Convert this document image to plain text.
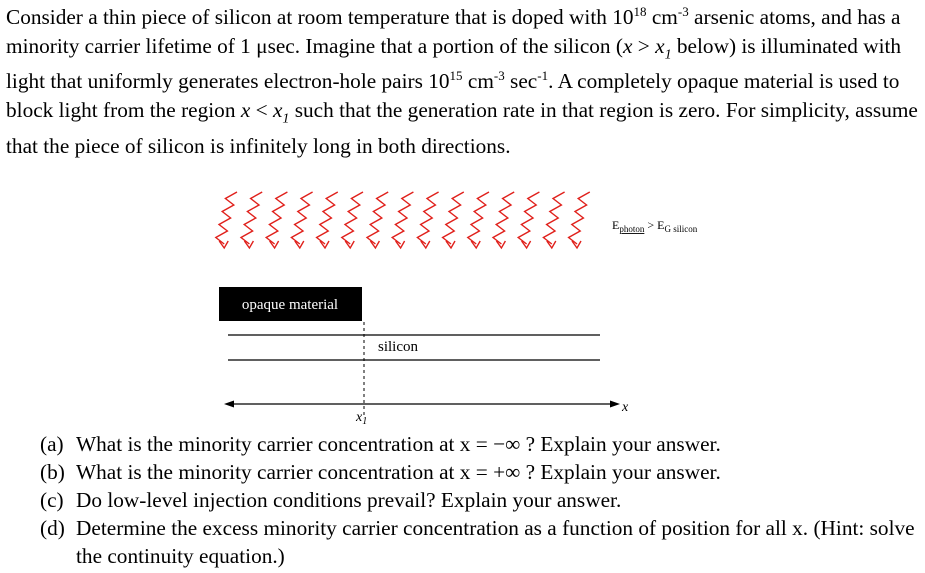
Consider a thin piece of silicon at room temperature that is doped with $10^{18}$ $cm^{-3}$ arsenic atoms, and has a minority carrier lifetime of 1 μsec. Imagine that a portion of the silicon ($x > x_1$ below) is illuminated with light that uniformly generates electron-hole pairs $10^{15}$ $cm^{-3}$ $\sec^{-1}$. A completely opaque material is used to block light from the region $x < x_1$ such that the generation rate in that region is zero. For simplicity, assume that the piece of silicon is infinitely long in both directions.

$E_{photon} > E_{G silicon}$
opaque material
silicon
x
$x_1$
(a) What is the minority carrier concentration at x = −∞ ? Explain your answer.
(b) What is the minority carrier concentration at x = +∞ ? Explain your answer.
(c) Do low-level injection conditions prevail? Explain your answer.
(d) Determine the excess minority carrier concentration as a function of position for all x. (Hint: solve the continuity equation.)
